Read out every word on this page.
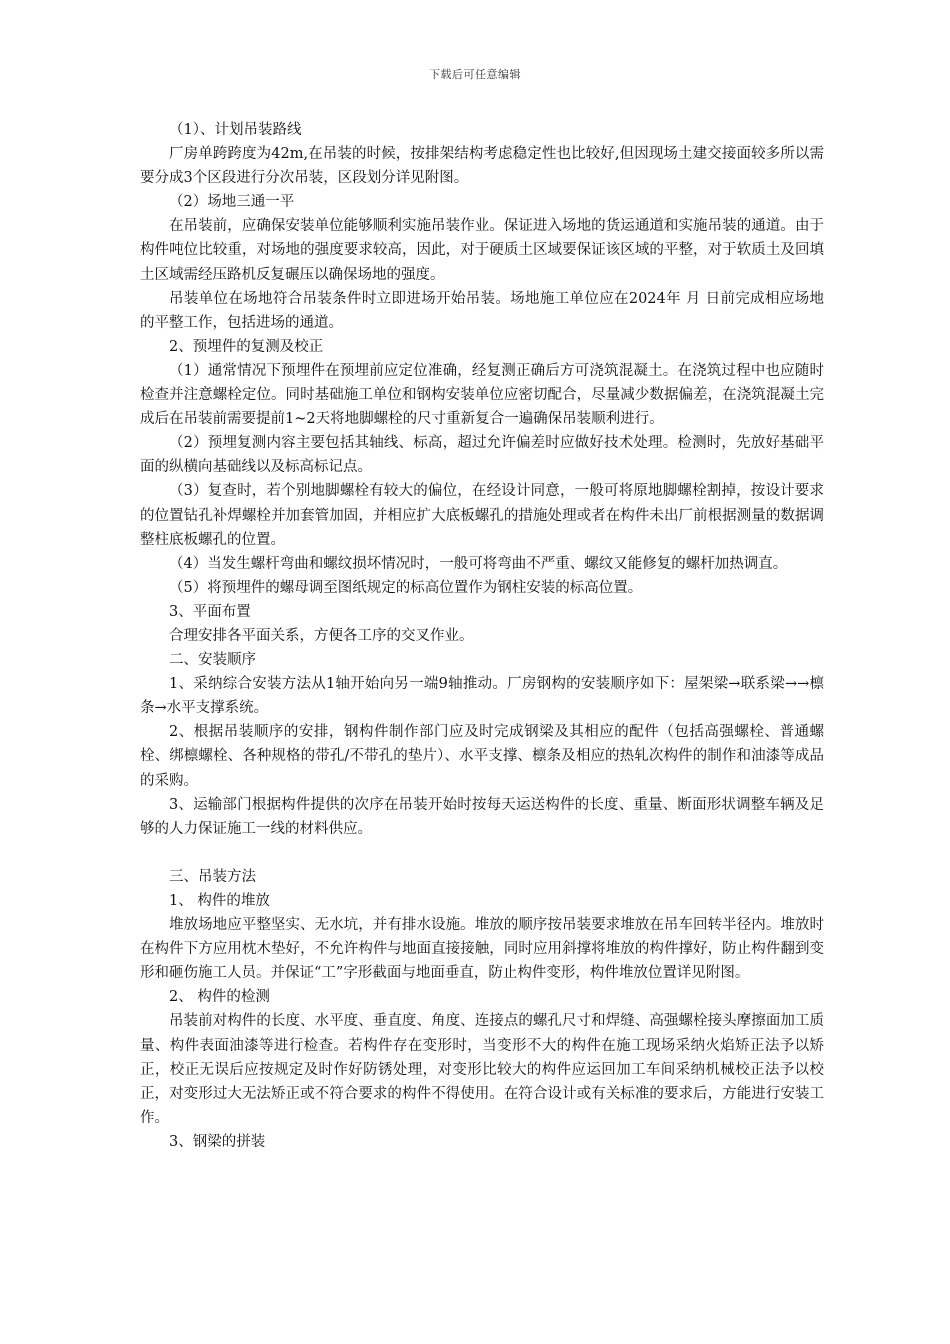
下载后可任意编辑

（1）、计划吊装路线

厂房单跨跨度为42m,在吊装的时候，按排架结构考虑稳定性也比较好,但因现场土建交接面较多所以需要分成3个区段进行分次吊装，区段划分详见附图。

（2）场地三通一平

在吊装前，应确保安装单位能够顺利实施吊装作业。保证进入场地的货运通道和实施吊装的通道。由于构件吨位比较重，对场地的强度要求较高，因此，对于硬质土区域要保证该区域的平整，对于软质土及回填土区域需经压路机反复碾压以确保场地的强度。

吊装单位在场地符合吊装条件时立即进场开始吊装。场地施工单位应在2024年 月 日前完成相应场地的平整工作，包括进场的通道。

2、预埋件的复测及校正

（1）通常情况下预埋件在预埋前应定位准确，经复测正确后方可浇筑混凝土。在浇筑过程中也应随时检查并注意螺栓定位。同时基础施工单位和钢构安装单位应密切配合，尽量减少数据偏差，在浇筑混凝土完成后在吊装前需要提前1~2天将地脚螺栓的尺寸重新复合一遍确保吊装顺利进行。

（2）预埋复测内容主要包括其轴线、标高，超过允许偏差时应做好技术处理。检测时，先放好基础平面的纵横向基础线以及标高标记点。

（3）复查时，若个别地脚螺栓有较大的偏位，在经设计同意，一般可将原地脚螺栓割掉，按设计要求的位置钻孔补焊螺栓并加套管加固，并相应扩大底板螺孔的措施处理或者在构件未出厂前根据测量的数据调整柱底板螺孔的位置。

（4）当发生螺杆弯曲和螺纹损坏情况时，一般可将弯曲不严重、螺纹又能修复的螺杆加热调直。

（5）将预埋件的螺母调至图纸规定的标高位置作为钢柱安装的标高位置。

3、平面布置

合理安排各平面关系，方便各工序的交叉作业。

二、安装顺序

1、采纳综合安装方法从1轴开始向另一端9轴推动。厂房钢构的安装顺序如下：屋架梁→联系梁→→檩条→水平支撑系统。

2、根据吊装顺序的安排，钢构件制作部门应及时完成钢梁及其相应的配件（包括高强螺栓、普通螺栓、绑檩螺栓、各种规格的带孔/不带孔的垫片）、水平支撑、檩条及相应的热轧次构件的制作和油漆等成品的采购。

3、运输部门根据构件提供的次序在吊装开始时按每天运送构件的长度、重量、断面形状调整车辆及足够的人力保证施工一线的材料供应。

三、吊装方法

1、 构件的堆放

堆放场地应平整坚实、无水坑，并有排水设施。堆放的顺序按吊装要求堆放在吊车回转半径内。堆放时在构件下方应用枕木垫好，不允许构件与地面直接接触，同时应用斜撑将堆放的构件撑好，防止构件翻到变形和砸伤施工人员。并保证“工”字形截面与地面垂直，防止构件变形，构件堆放位置详见附图。

2、 构件的检测

吊装前对构件的长度、水平度、垂直度、角度、连接点的螺孔尺寸和焊缝、高强螺栓接头摩擦面加工质量、构件表面油漆等进行检查。若构件存在变形时，当变形不大的构件在施工现场采纳火焰矫正法予以矫正，校正无误后应按规定及时作好防锈处理，对变形比较大的构件应运回加工车间采纳机械校正法予以校正，对变形过大无法矫正或不符合要求的构件不得使用。在符合设计或有关标准的要求后，方能进行安装工作。

3、钢梁的拼装
